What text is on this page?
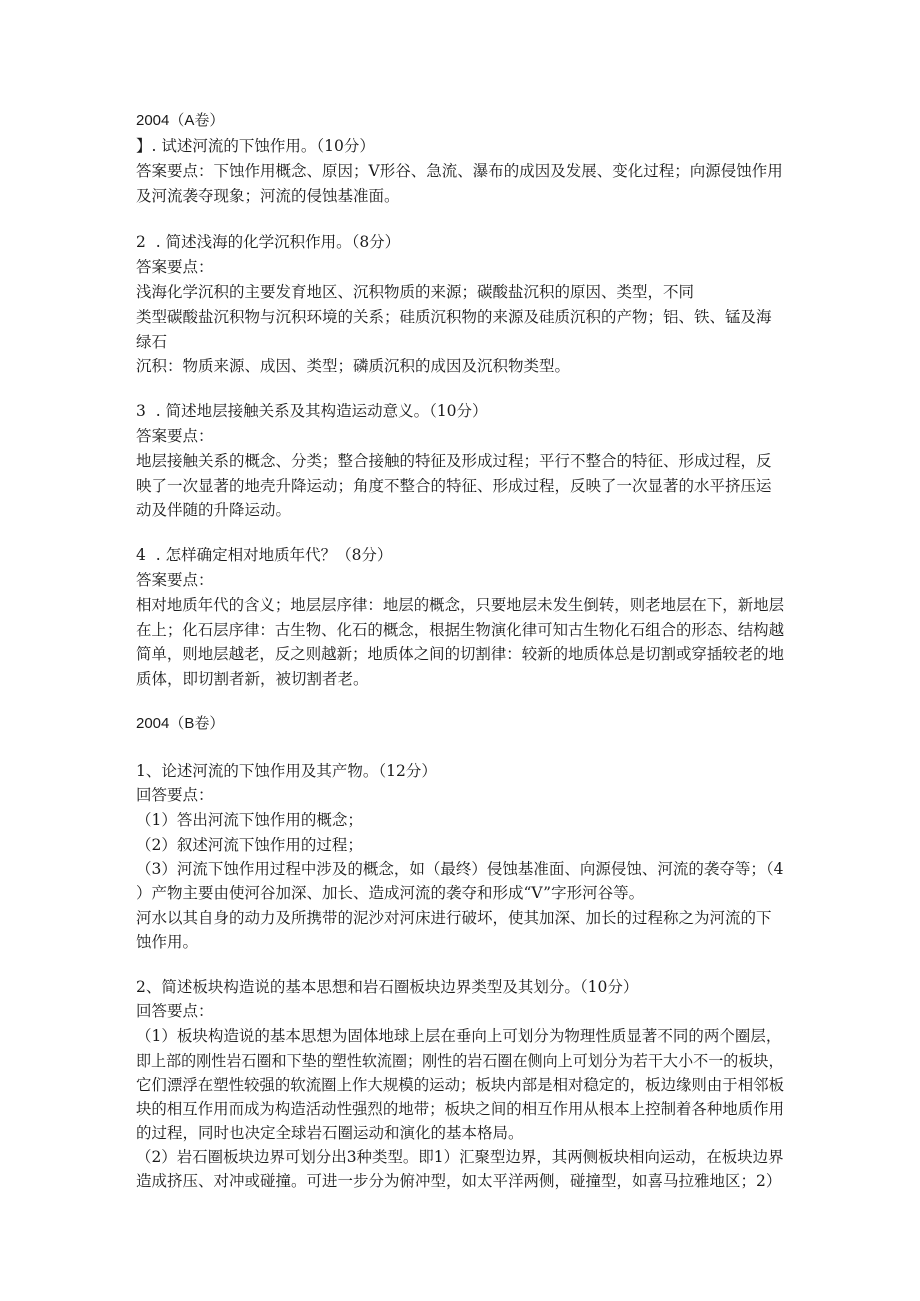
2004（A卷）
】. 试述河流的下蚀作用。（10分）
答案要点：下蚀作用概念、原因；V形谷、急流、瀑布的成因及发展、变化过程；向源侵蚀作用
及河流袭夺现象；河流的侵蚀基准面。
2  . 简述浅海的化学沉积作用。（8分）
答案要点：
浅海化学沉积的主要发育地区、沉积物质的来源；碳酸盐沉积的原因、类型，不同
类型碳酸盐沉积物与沉积环境的关系；硅质沉积物的来源及硅质沉积的产物；铝、铁、锰及海
绿石
沉积：物质来源、成因、类型；磷质沉积的成因及沉积物类型。
3  . 简述地层接触关系及其构造运动意义。（10分）
答案要点：
地层接触关系的概念、分类；整合接触的特征及形成过程；平行不整合的特征、形成过程，反
映了一次显著的地壳升降运动；角度不整合的特征、形成过程，反映了一次显著的水平挤压运
动及伴随的升降运动。
4  . 怎样确定相对地质年代？（8分）
答案要点：
相对地质年代的含义；地层层序律：地层的概念，只要地层未发生倒转，则老地层在下，新地层
在上；化石层序律：古生物、化石的概念，根据生物演化律可知古生物化石组合的形态、结构越
简单，则地层越老，反之则越新；地质体之间的切割律：较新的地质体总是切割或穿插较老的地
质体，即切割者新，被切割者老。
2004（B卷）
1、论述河流的下蚀作用及其产物。（12分）
回答要点：
（1）答出河流下蚀作用的概念；
（2）叙述河流下蚀作用的过程；
（3）河流下蚀作用过程中涉及的概念，如（最终）侵蚀基准面、向源侵蚀、河流的袭夺等；（4
）产物主要由使河谷加深、加长、造成河流的袭夺和形成“V”字形河谷等。
河水以其自身的动力及所携带的泥沙对河床进行破坏，使其加深、加长的过程称之为河流的下
蚀作用。
2、简述板块构造说的基本思想和岩石圈板块边界类型及其划分。（10分）
回答要点：
（1）板块构造说的基本思想为固体地球上层在垂向上可划分为物理性质显著不同的两个圈层，
即上部的刚性岩石圈和下垫的塑性软流圈；刚性的岩石圈在侧向上可划分为若干大小不一的板块，
它们漂浮在塑性较强的软流圈上作大规模的运动；板块内部是相对稳定的，板边缘则由于相邻板
块的相互作用而成为构造活动性强烈的地带；板块之间的相互作用从根本上控制着各种地质作用
的过程，同时也决定全球岩石圈运动和演化的基本格局。
（2）岩石圈板块边界可划分出3种类型。即1）汇聚型边界，其两侧板块相向运动，在板块边界
造成挤压、对冲或碰撞。可进一步分为俯冲型，如太平洋两侧，碰撞型，如喜马拉雅地区；2）
